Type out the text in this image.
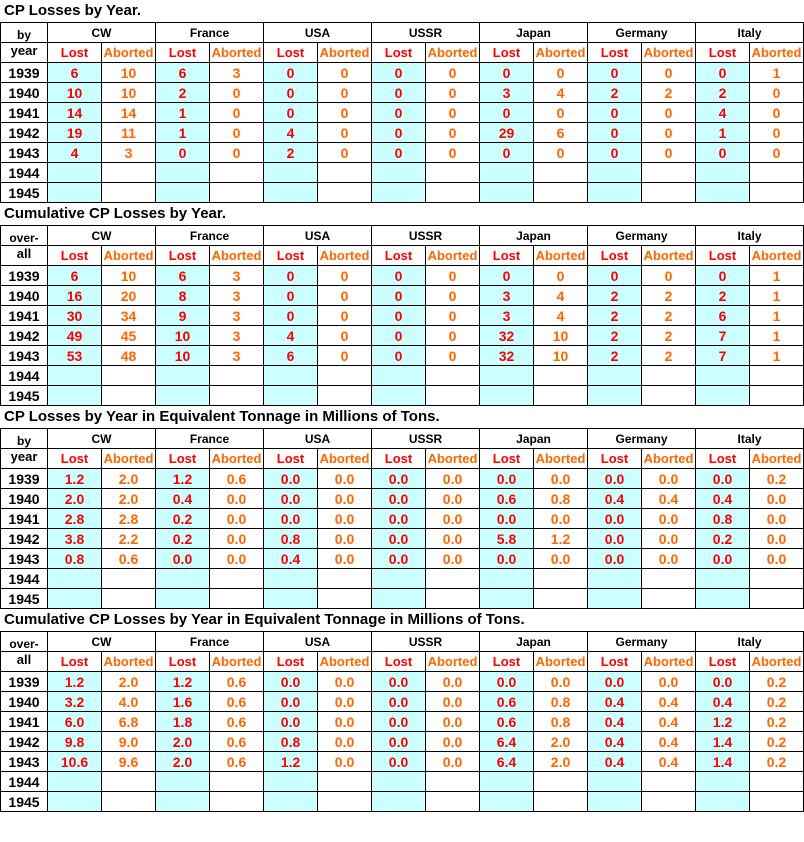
CP Losses by Year.
by	CW		France		USA		USSR		Japan		Germany		Italy	
year	Lost	Aborted	Lost	Aborted	Lost	Aborted	Lost	Aborted	Lost	Aborted	Lost	Aborted	Lost	Aborted
1939	6	10	6	3	0	0	0	0	0	0	0	0	0	1
1940	10	10	2	0	0	0	0	0	3	4	2	2	2	0
1941	14	14	1	0	0	0	0	0	0	0	0	0	4	0
1942	19	11	1	0	4	0	0	0	29	6	0	0	1	0
1943	4	3	0	0	2	0	0	0	0	0	0	0	0	0
1944														
1945														
Cumulative CP Losses by Year.
over-	CW		France		USA		USSR		Japan		Germany		Italy	
all	Lost	Aborted	Lost	Aborted	Lost	Aborted	Lost	Aborted	Lost	Aborted	Lost	Aborted	Lost	Aborted
1939	6	10	6	3	0	0	0	0	0	0	0	0	0	1
1940	16	20	8	3	0	0	0	0	3	4	2	2	2	1
1941	30	34	9	3	0	0	0	0	3	4	2	2	6	1
1942	49	45	10	3	4	0	0	0	32	10	2	2	7	1
1943	53	48	10	3	6	0	0	0	32	10	2	2	7	1
1944														
1945														
CP Losses by Year in Equivalent Tonnage in Millions of Tons.
by	CW		France		USA		USSR		Japan		Germany		Italy	
year	Lost	Aborted	Lost	Aborted	Lost	Aborted	Lost	Aborted	Lost	Aborted	Lost	Aborted	Lost	Aborted
1939	1.2	2.0	1.2	0.6	0.0	0.0	0.0	0.0	0.0	0.0	0.0	0.0	0.0	0.2
1940	2.0	2.0	0.4	0.0	0.0	0.0	0.0	0.0	0.6	0.8	0.4	0.4	0.4	0.0
1941	2.8	2.8	0.2	0.0	0.0	0.0	0.0	0.0	0.0	0.0	0.0	0.0	0.8	0.0
1942	3.8	2.2	0.2	0.0	0.8	0.0	0.0	0.0	5.8	1.2	0.0	0.0	0.2	0.0
1943	0.8	0.6	0.0	0.0	0.4	0.0	0.0	0.0	0.0	0.0	0.0	0.0	0.0	0.0
1944														
1945														
Cumulative CP Losses by Year in Equivalent Tonnage in Millions of Tons.
over-	CW		France		USA		USSR		Japan		Germany		Italy	
all	Lost	Aborted	Lost	Aborted	Lost	Aborted	Lost	Aborted	Lost	Aborted	Lost	Aborted	Lost	Aborted
1939	1.2	2.0	1.2	0.6	0.0	0.0	0.0	0.0	0.0	0.0	0.0	0.0	0.0	0.2
1940	3.2	4.0	1.6	0.6	0.0	0.0	0.0	0.0	0.6	0.8	0.4	0.4	0.4	0.2
1941	6.0	6.8	1.8	0.6	0.0	0.0	0.0	0.0	0.6	0.8	0.4	0.4	1.2	0.2
1942	9.8	9.0	2.0	0.6	0.8	0.0	0.0	0.0	6.4	2.0	0.4	0.4	1.4	0.2
1943	10.6	9.6	2.0	0.6	1.2	0.0	0.0	0.0	6.4	2.0	0.4	0.4	1.4	0.2
1944														
1945														
